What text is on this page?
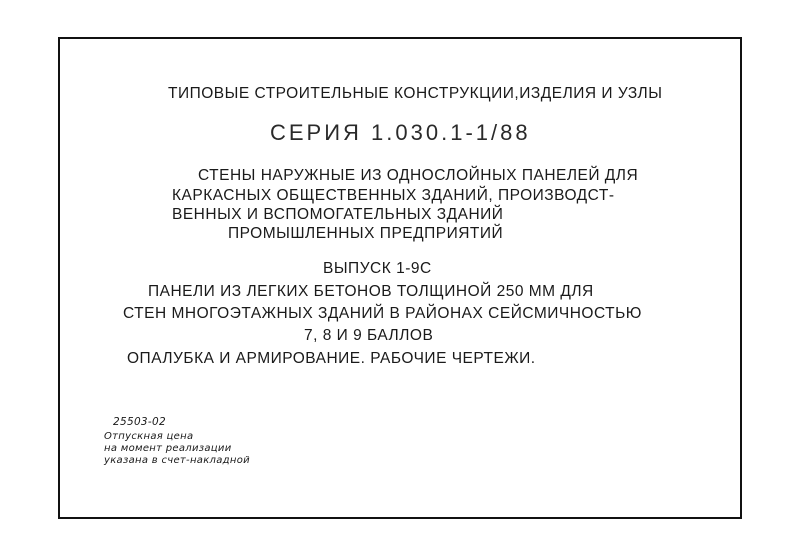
ТИПОВЫЕ СТРОИТЕЛЬНЫЕ КОНСТРУКЦИИ,ИЗДЕЛИЯ И УЗЛЫ
СЕРИЯ 1.030.1-1/88
СТЕНЫ НАРУЖНЫЕ ИЗ ОДНОСЛОЙНЫХ ПАНЕЛЕЙ ДЛЯ
КАРКАСНЫХ ОБЩЕСТВЕННЫХ ЗДАНИЙ, ПРОИЗВОДСТ-
ВЕННЫХ И ВСПОМОГАТЕЛЬНЫХ ЗДАНИЙ
ПРОМЫШЛЕННЫХ ПРЕДПРИЯТИЙ
ВЫПУСК 1-9С
ПАНЕЛИ ИЗ ЛЕГКИХ БЕТОНОВ ТОЛЩИНОЙ 250 ММ ДЛЯ
СТЕН МНОГОЭТАЖНЫХ ЗДАНИЙ В РАЙОНАХ СЕЙСМИЧНОСТЬЮ
7, 8 И 9 БАЛЛОВ
ОПАЛУБКА И АРМИРОВАНИЕ. РАБОЧИЕ ЧЕРТЕЖИ.
25503-02
Отпускная цена
на момент реализации
указана в счет-накладной
